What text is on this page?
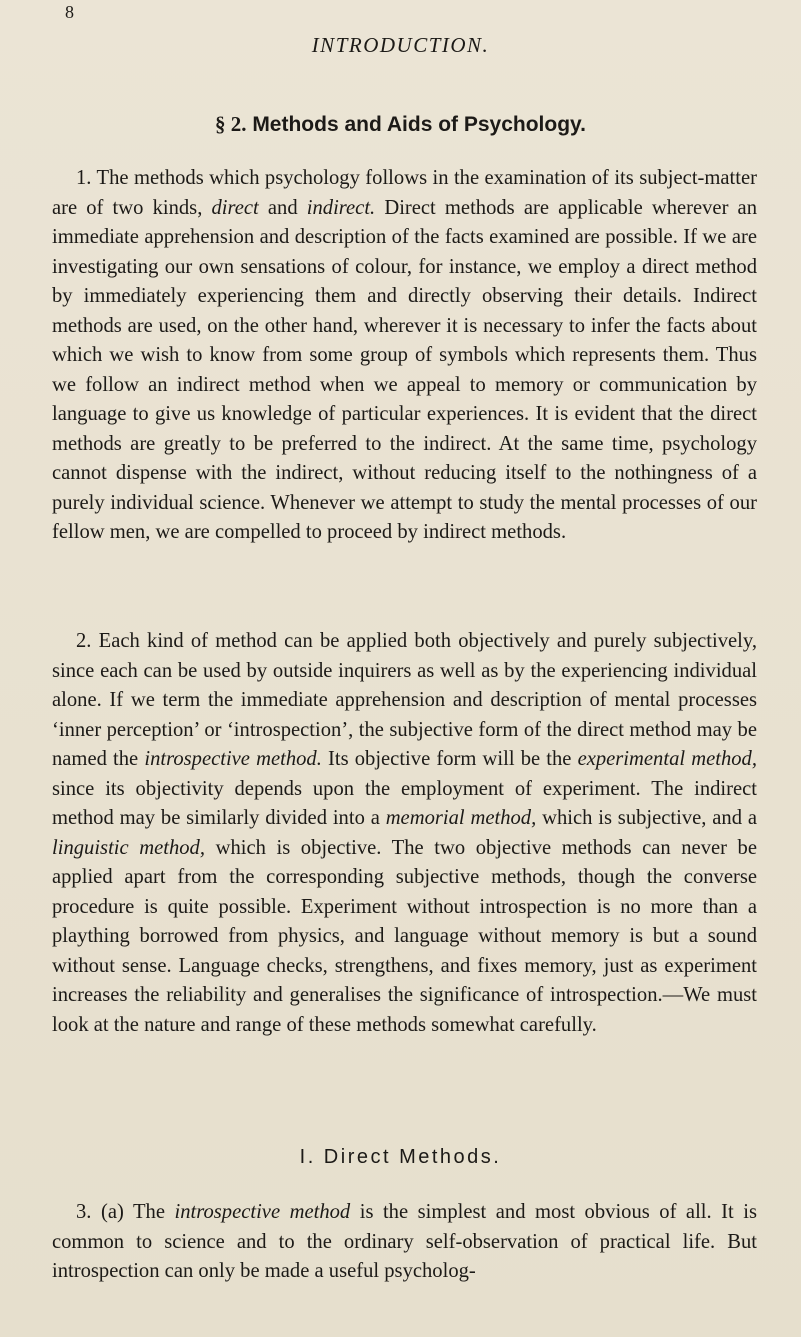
8
INTRODUCTION.
§ 2. Methods and Aids of Psychology.

1. The methods which psychology follows in the examination of its subject-matter are of two kinds, direct and indirect. Direct methods are applicable wherever an immediate apprehension and description of the facts examined are possible. If we are investigating our own sensations of colour, for instance, we employ a direct method by immediately experiencing them and directly observing their details. Indirect methods are used, on the other hand, wherever it is necessary to infer the facts about which we wish to know from some group of symbols which represents them. Thus we follow an indirect method when we appeal to memory or communication by language to give us knowledge of particular experiences. It is evident that the direct methods are greatly to be preferred to the indirect. At the same time, psychology cannot dispense with the indirect, without reducing itself to the nothingness of a purely individual science. Whenever we attempt to study the mental processes of our fellow men, we are compelled to proceed by indirect methods.

2. Each kind of method can be applied both objectively and purely subjectively, since each can be used by outside inquirers as well as by the experiencing individual alone. If we term the immediate apprehension and description of mental processes ‘inner perception’ or ‘introspection’, the subjective form of the direct method may be named the introspective method. Its objective form will be the experimental method, since its objectivity depends upon the employment of experiment. The indirect method may be similarly divided into a memorial method, which is subjective, and a linguistic method, which is objective. The two objective methods can never be applied apart from the corresponding subjective methods, though the converse procedure is quite possible. Experiment without introspection is no more than a plaything borrowed from physics, and language without memory is but a sound without sense. Language checks, strengthens, and fixes memory, just as experiment increases the reliability and generalises the significance of introspection.—We must look at the nature and range of these methods somewhat carefully.

I. Direct Methods.

3. (a) The introspective method is the simplest and most obvious of all. It is common to science and to the ordinary self-observation of practical life. But introspection can only be made a useful psycholog-
